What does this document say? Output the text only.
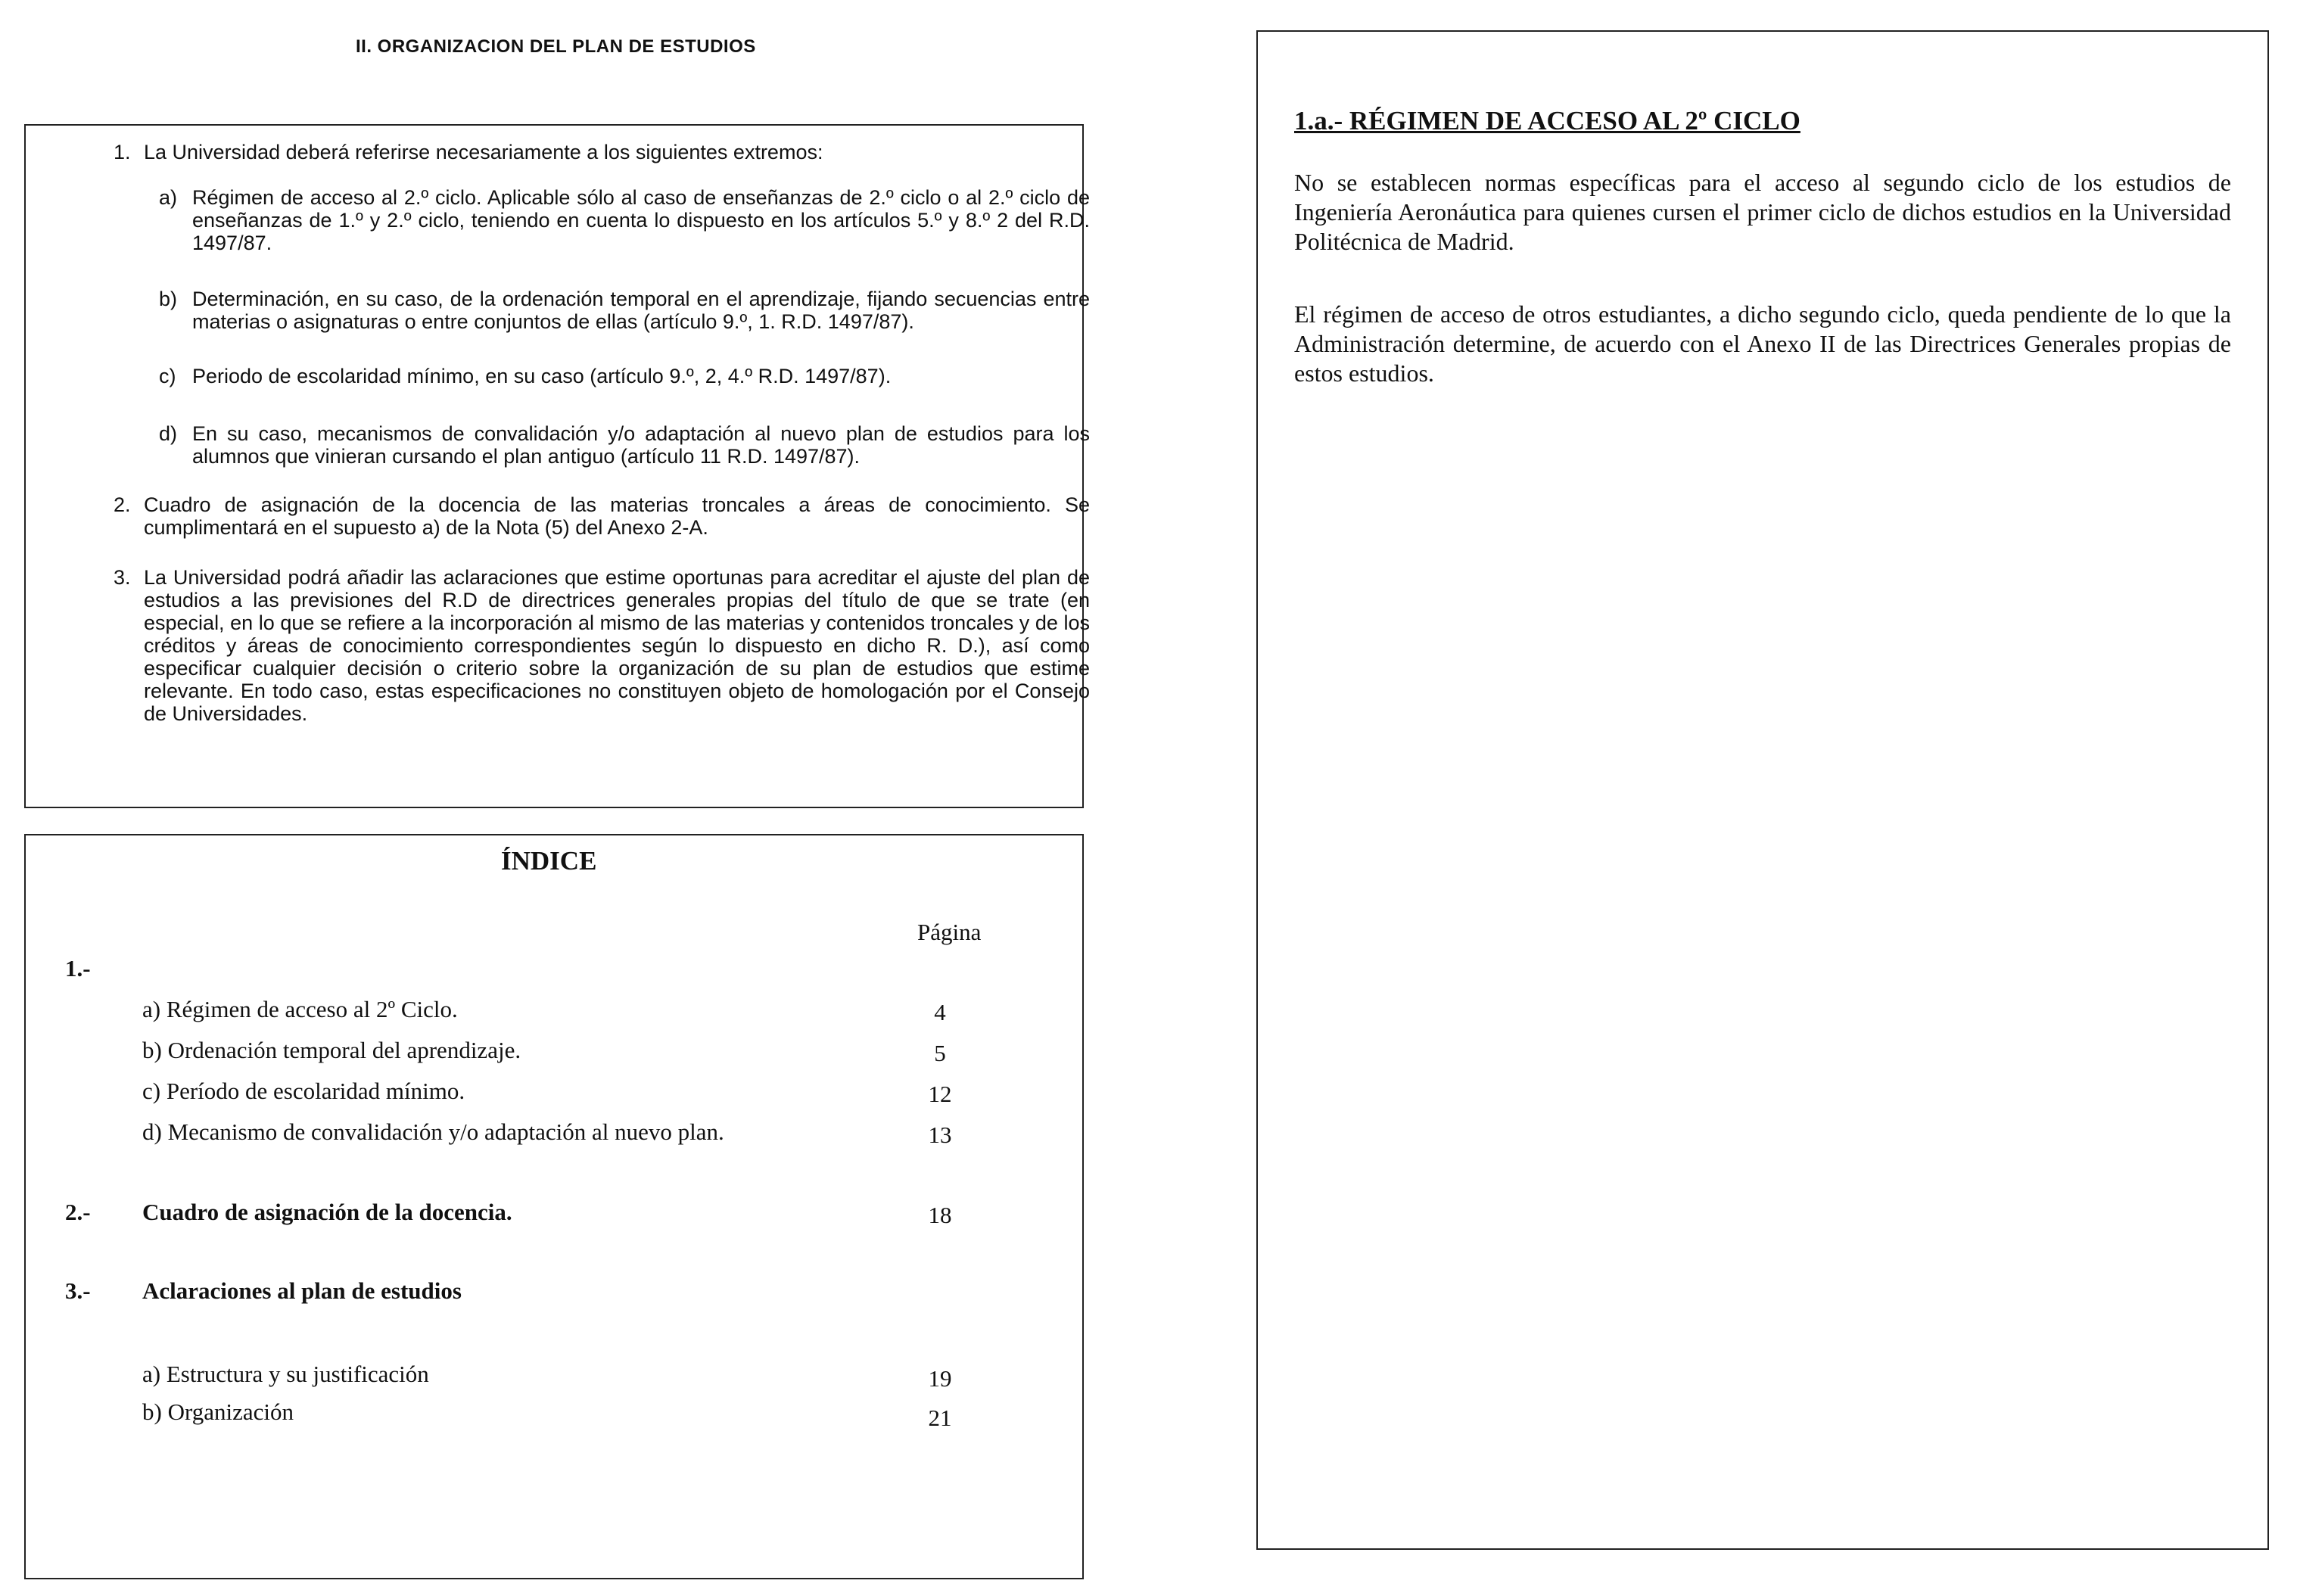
II. ORGANIZACION DEL PLAN DE ESTUDIOS
1. La Universidad deberá referirse necesariamente a los siguientes extremos:
a) Régimen de acceso al 2.º ciclo. Aplicable sólo al caso de enseñanzas de 2.º ciclo o al 2.º ciclo de enseñanzas de 1.º y 2.º ciclo, teniendo en cuenta lo dispuesto en los artículos 5.º y 8.º 2 del R.D. 1497/87.
b) Determinación, en su caso, de la ordenación temporal en el aprendizaje, fijando secuencias entre materias o asignaturas o entre conjuntos de ellas (artículo 9.º, 1. R.D. 1497/87).
c) Periodo de escolaridad mínimo, en su caso (artículo 9.º, 2, 4.º R.D. 1497/87).
d) En su caso, mecanismos de convalidación y/o adaptación al nuevo plan de estudios para los alumnos que vinieran cursando el plan antiguo (artículo 11 R.D. 1497/87).
2. Cuadro de asignación de la docencia de las materias troncales a áreas de conocimiento. Se cumplimentará en el supuesto a) de la Nota (5) del Anexo 2-A.
3. La Universidad podrá añadir las aclaraciones que estime oportunas para acreditar el ajuste del plan de estudios a las previsiones del R.D de directrices generales propias del título de que se trate (en especial, en lo que se refiere a la incorporación al mismo de las materias y contenidos troncales y de los créditos y áreas de conocimiento correspondientes según lo dispuesto en dicho R. D.), así como especificar cualquier decisión o criterio sobre la organización de su plan de estudios que estime relevante. En todo caso, estas especificaciones no constituyen objeto de homologación por el Consejo de Universidades.
ÍNDICE
Página
1.-
a) Régimen de acceso al 2º Ciclo.	4
b) Ordenación temporal del aprendizaje.	5
c) Período de escolaridad mínimo.	12
d) Mecanismo de convalidación y/o adaptación al nuevo plan.	13
2.- Cuadro de asignación de la docencia.	18
3.- Aclaraciones al plan de estudios
a) Estructura y su justificación	19
b) Organización	21
1.a.- RÉGIMEN DE ACCESO AL 2º CICLO
No se establecen normas específicas para el acceso al segundo ciclo de los estudios de Ingeniería Aeronáutica para quienes cursen el primer ciclo de dichos estudios en la Universidad Politécnica de Madrid.
El régimen de acceso de otros estudiantes, a dicho segundo ciclo, queda pendiente de lo que la Administración determine, de acuerdo con el Anexo II de las Directrices Generales propias de estos estudios.
